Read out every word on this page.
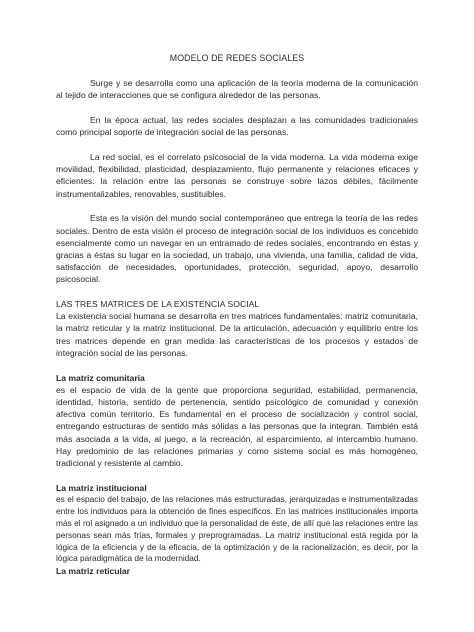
MODELO DE REDES SOCIALES

Surge y se desarrolla como una aplicación de la teoría moderna de la comunicación al tejido de interacciones que se configura alrededor de las personas.

En la época actual, las redes sociales desplazan a las comunidades tradicionales como principal soporte de integración social de las personas.

La red social, es el correlato psicosocial de la vida moderna. La vida moderna exige movilidad, flexibilidad, plasticidad, desplazamiento, flujo permanente y relaciones eficaces y eficientes: la relación entre las personas se construye sobre lazos débiles, fácilmente instrumentalizables, renovables, sustituibles.

Esta es la visión del mundo social contemporáneo que entrega la teoría de las redes sociales. Dentro de esta visión el proceso de integración social de los individuos es concebido esencialmente como un navegar en un entramado de redes sociales, encontrando en éstas y gracias a éstas su lugar en la sociedad, un trabajo, una vivienda, una familia, calidad de vida, satisfacción de necesidades, oportunidades, protección, seguridad, apoyo, desarrollo psicosocial.

LAS TRES MATRICES DE LA EXISTENCIA SOCIAL

La existencia social humana se desarrolla en tres matrices fundamentales: matriz comunitaria, la matriz reticular y la matriz institucional. De la articulación, adecuación y equilibrio entre los tres matrices depende en gran medida las características de los procesos y estados de integración social de las personas.

La matriz comunitaria

es el espacio de vida de la gente que proporciona seguridad, estabilidad, permanencia, identidad, historia, sentido de pertenencia, sentido psicológico de comunidad y conexión afectiva común territorio. Es fundamental en el proceso de socialización y control social, entregando estructuras de sentido más sólidas a las personas que la integran. También está más asociada a la vida, al juego, a la recreación, al esparcimiento, al intercambio humano. Hay predominio de las relaciones primarias y como sistema social es más homogéneo, tradicional y resistente al cambio.

La matriz institucional

es el espacio del trabajo, de las relaciones más estructuradas, jerarquizadas e instrumentalizadas entre los individuos para la obtención de fines específicos. En las matrices institucionales importa más el rol asignado a un individuo que la personalidad de éste, de allí que las relaciones entre las personas sean más frías, formales y preprogramadas. La matriz institucional está regida por la lógica de la eficiencia y de la eficacia, de la optimización y de la racionalización, es decir, por la lógica paradigmática de la modernidad.

La matriz reticular
